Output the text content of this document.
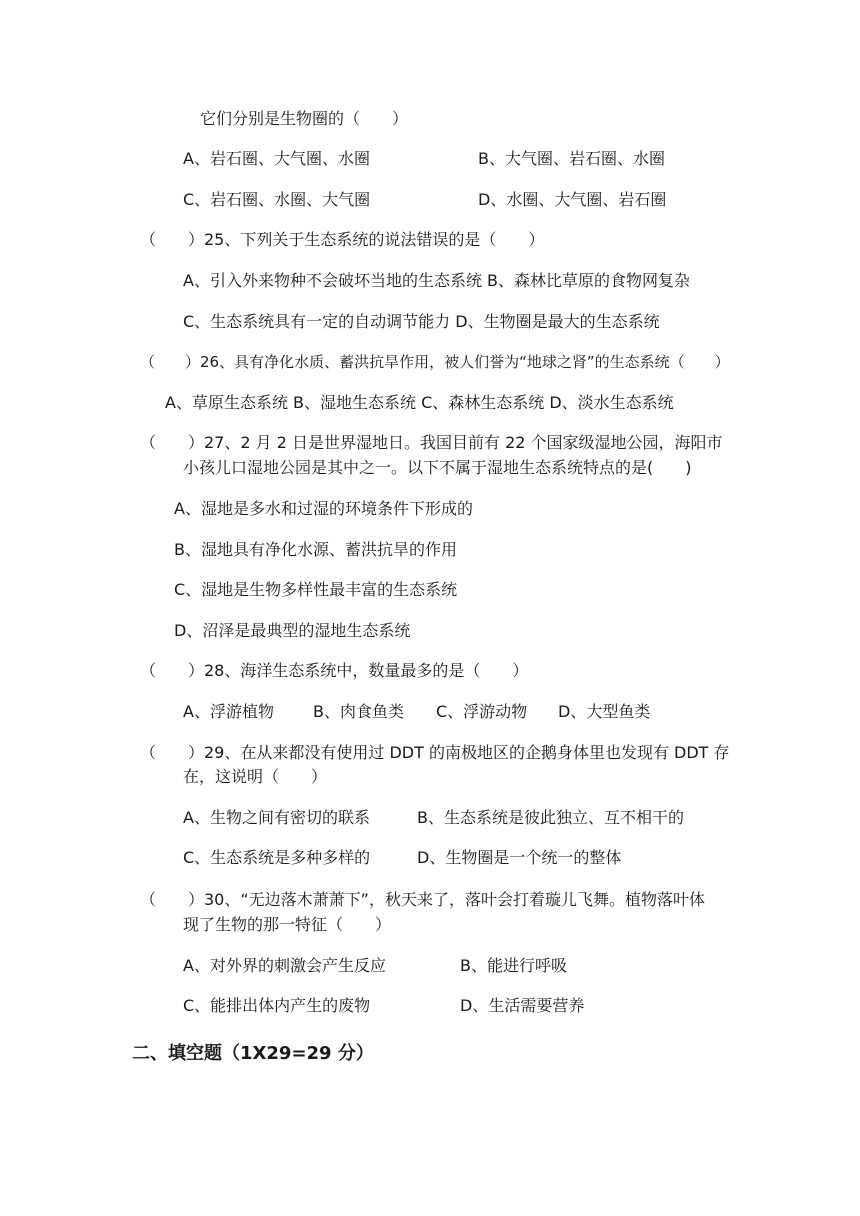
它们分别是生物圈的（　　）
A、岩石圈、大气圈、水圈	B、大气圈、岩石圈、水圈
C、岩石圈、水圈、大气圈	D、水圈、大气圈、岩石圈
（　　）25、下列关于生态系统的说法错误的是（　　）
A、引入外来物种不会破坏当地的生态系统 B、森林比草原的食物网复杂
C、生态系统具有一定的自动调节能力 D、生物圈是最大的生态系统
（　　）26、具有净化水质、蓄洪抗旱作用，被人们誉为“地球之肾”的生态系统（　　）
A、草原生态系统 B、湿地生态系统 C、森林生态系统 D、淡水生态系统
（　　）27、2 月 2 日是世界湿地日。我国目前有 22 个国家级湿地公园，海阳市
小孩儿口湿地公园是其中之一。以下不属于湿地生态系统特点的是(　　)
A、湿地是多水和过湿的环境条件下形成的
B、湿地具有净化水源、蓄洪抗旱的作用
C、湿地是生物多样性最丰富的生态系统
D、沼泽是最典型的湿地生态系统
（　　）28、海洋生态系统中，数量最多的是（　　）
A、浮游植物 B、肉食鱼类 C、浮游动物 D、大型鱼类
（　　）29、在从来都没有使用过 DDT 的南极地区的企鹅身体里也发现有 DDT 存
在，这说明（　　）
A、生物之间有密切的联系	B、生态系统是彼此独立、互不相干的
C、生态系统是多种多样的	D、生物圈是一个统一的整体
（　　）30、“无边落木萧萧下”，秋天来了，落叶会打着璇儿飞舞。植物落叶体
现了生物的那一特征（　　）
A、对外界的刺激会产生反应	B、能进行呼吸
C、能排出体内产生的废物	D、生活需要营养
二、填空题（1X29=29 分）
